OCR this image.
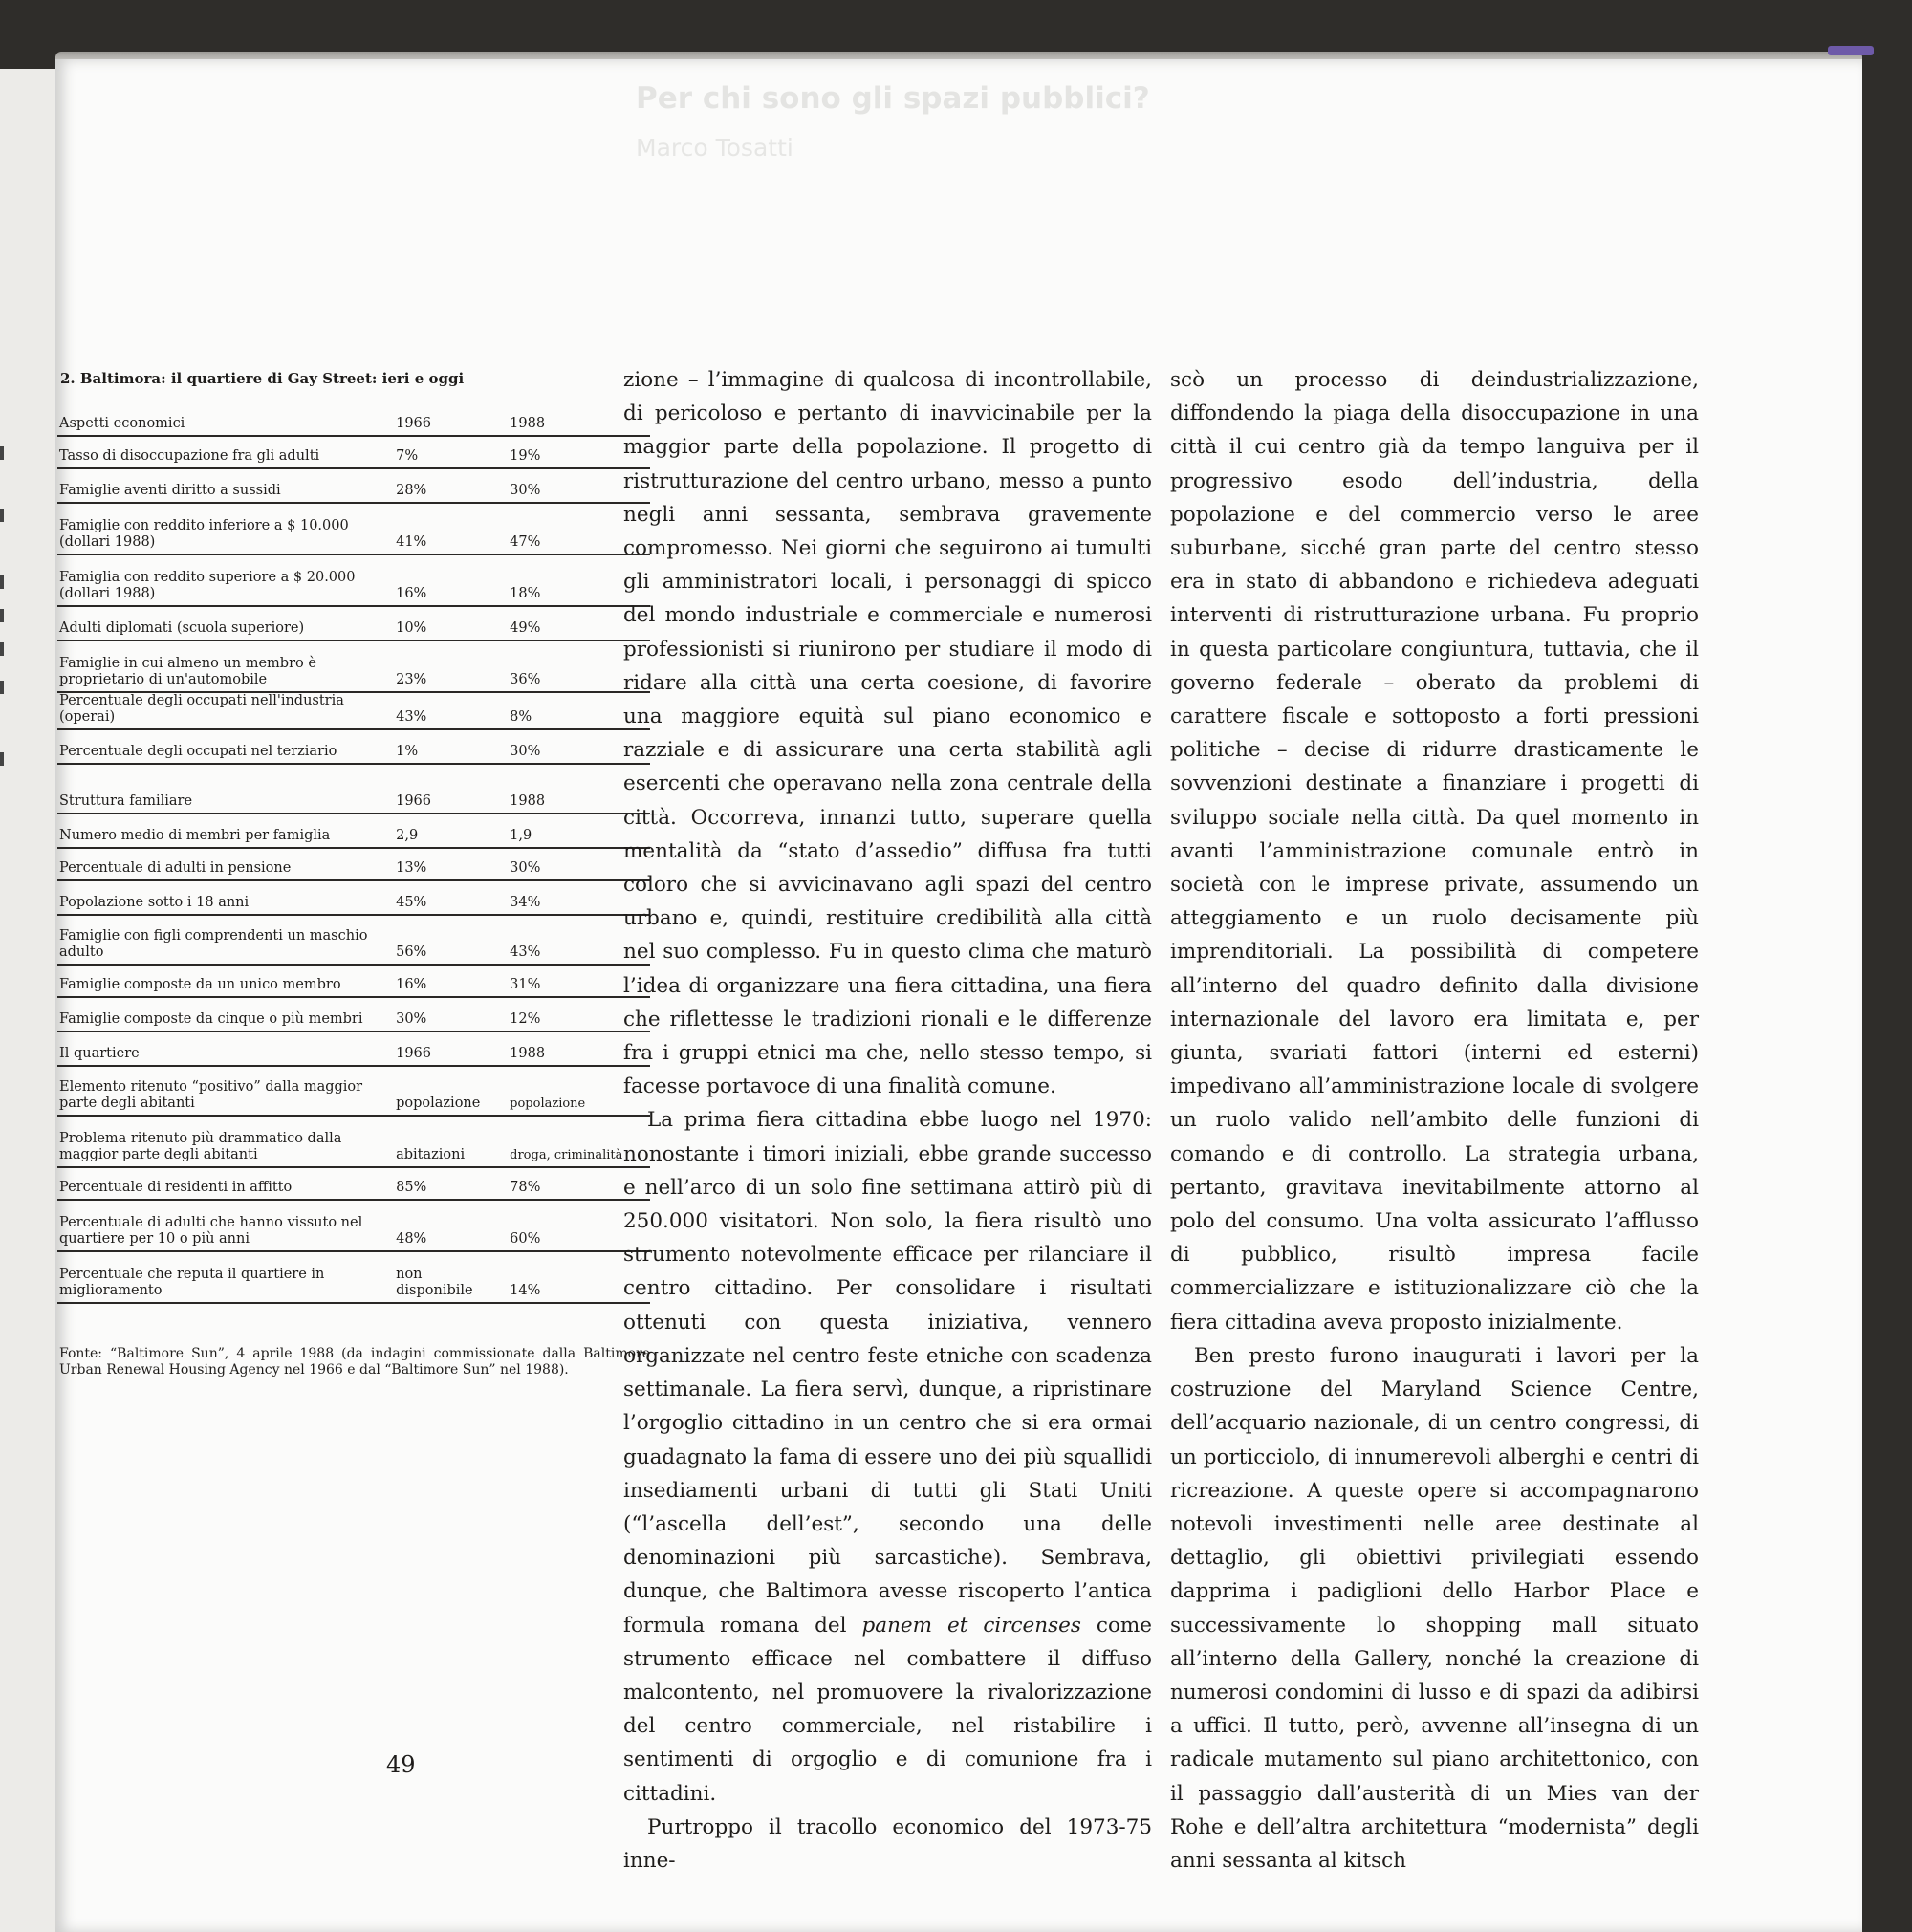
Per chi sono gli spazi pubblici?
Marco Tosatti
2. Baltimora: il quartiere di Gay Street: ieri e oggi
Aspetti economici	1966	1988
Tasso di disoccupazione fra gli adulti	7%	19%
Famiglie aventi diritto a sussidi	28%	30%
Famiglie con reddito inferiore a $ 10.000 (dollari 1988)	41%	47%
Famiglia con reddito superiore a $ 20.000 (dollari 1988)	16%	18%
Adulti diplomati (scuola superiore)	10%	49%
Famiglie in cui almeno un membro è proprietario di un'automobile	23%	36%
Percentuale degli occupati nell'industria (operai)	43%	8%
Percentuale degli occupati nel terziario	1%	30%
Struttura familiare	1966	1988
Numero medio di membri per famiglia	2,9	1,9
Percentuale di adulti in pensione	13%	30%
Popolazione sotto i 18 anni	45%	34%
Famiglie con figli comprendenti un maschio adulto	56%	43%
Famiglie composte da un unico membro	16%	31%
Famiglie composte da cinque o più membri	30%	12%
Il quartiere	1966	1988
Elemento ritenuto “positivo” dalla maggior parte degli abitanti	popolazione	popolazione
Problema ritenuto più drammatico dalla maggior parte degli abitanti	abitazioni	droga, criminalità
Percentuale di residenti in affitto	85%	78%
Percentuale di adulti che hanno vissuto nel quartiere per 10 o più anni	48%	60%
Percentuale che reputa il quartiere in miglioramento	non disponibile	14%
Fonte: “Baltimore Sun”, 4 aprile 1988 (da indagini commissionate dalla Baltimore Urban Renewal Housing Agency nel 1966 e dal “Baltimore Sun” nel 1988).

zione – l’immagine di qualcosa di incontrollabile, di pericoloso e pertanto di inavvicinabile per la maggior parte della popolazione. Il progetto di ristrutturazione del centro urbano, messo a punto negli anni sessanta, sembrava gravemente compromesso. Nei giorni che seguirono ai tumulti gli amministratori locali, i personaggi di spicco del mondo industriale e commerciale e numerosi professionisti si riunirono per studiare il modo di ridare alla città una certa coesione, di favorire una maggiore equità sul piano economico e razziale e di assicurare una certa stabilità agli esercenti che operavano nella zona centrale della città. Occorreva, innanzi tutto, superare quella mentalità da “stato d’assedio” diffusa fra tutti coloro che si avvicinavano agli spazi del centro urbano e, quindi, restituire credibilità alla città nel suo complesso. Fu in questo clima che maturò l’idea di organizzare una fiera cittadina, una fiera che riflettesse le tradizioni rionali e le differenze fra i gruppi etnici ma che, nello stesso tempo, si facesse portavoce di una finalità comune.

La prima fiera cittadina ebbe luogo nel 1970: nonostante i timori iniziali, ebbe grande successo e nell’arco di un solo fine settimana attirò più di 250.000 visitatori. Non solo, la fiera risultò uno strumento notevolmente efficace per rilanciare il centro cittadino. Per consolidare i risultati ottenuti con questa iniziativa, vennero organizzate nel centro feste etniche con scadenza settimanale. La fiera servì, dunque, a ripristinare l’orgoglio cittadino in un centro che si era ormai guadagnato la fama di essere uno dei più squallidi insediamenti urbani di tutti gli Stati Uniti (“l’ascella dell’est”, secondo una delle denominazioni più sarcastiche). Sembrava, dunque, che Baltimora avesse riscoperto l’antica formula romana del panem et circenses come strumento efficace nel combattere il diffuso malcontento, nel promuovere la rivalorizzazione del centro commerciale, nel ristabilire i sentimenti di orgoglio e di comunione fra i cittadini.

Purtroppo il tracollo economico del 1973-75 inne-

scò un processo di deindustrializzazione, diffondendo la piaga della disoccupazione in una città il cui centro già da tempo languiva per il progressivo esodo dell’industria, della popolazione e del commercio verso le aree suburbane, sicché gran parte del centro stesso era in stato di abbandono e richiedeva adeguati interventi di ristrutturazione urbana. Fu proprio in questa particolare congiuntura, tuttavia, che il governo federale – oberato da problemi di carattere fiscale e sottoposto a forti pressioni politiche – decise di ridurre drasticamente le sovvenzioni destinate a finanziare i progetti di sviluppo sociale nella città. Da quel momento in avanti l’amministrazione comunale entrò in società con le imprese private, assumendo un atteggiamento e un ruolo decisamente più imprenditoriali. La possibilità di competere all’interno del quadro definito dalla divisione internazionale del lavoro era limitata e, per giunta, svariati fattori (interni ed esterni) impedivano all’amministrazione locale di svolgere un ruolo valido nell’ambito delle funzioni di comando e di controllo. La strategia urbana, pertanto, gravitava inevitabilmente attorno al polo del consumo. Una volta assicurato l’afflusso di pubblico, risultò impresa facile commercializzare e istituzionalizzare ciò che la fiera cittadina aveva proposto inizialmente.

Ben presto furono inaugurati i lavori per la costruzione del Maryland Science Centre, dell’acquario nazionale, di un centro congressi, di un porticciolo, di innumerevoli alberghi e centri di ricreazione. A queste opere si accompagnarono notevoli investimenti nelle aree destinate al dettaglio, gli obiettivi privilegiati essendo dapprima i padiglioni dello Harbor Place e successivamente lo shopping mall situato all’interno della Gallery, nonché la creazione di numerosi condomini di lusso e di spazi da adibirsi a uffici. Il tutto, però, avvenne all’insegna di un radicale mutamento sul piano architettonico, con il passaggio dall’austerità di un Mies van der Rohe e dell’altra architettura “modernista” degli anni sessanta al kitsch

49
